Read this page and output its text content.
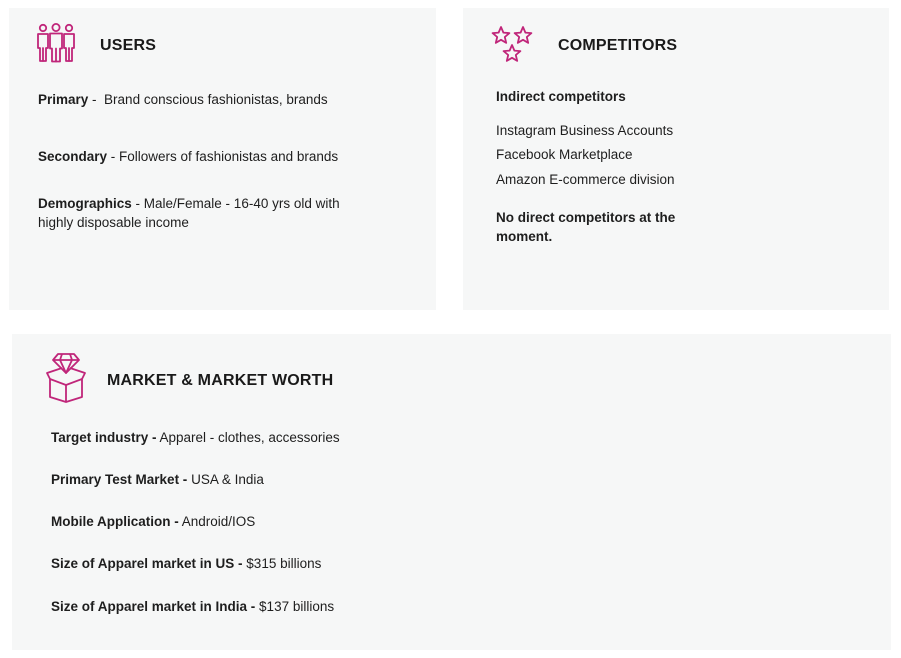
USERS
Primary -  Brand conscious fashionistas, brands
Secondary - Followers of fashionistas and brands
Demographics - Male/Female - 16-40 yrs old with highly disposable income
COMPETITORS
Indirect competitors
Instagram Business Accounts
Facebook Marketplace
Amazon E-commerce division
No direct competitors at the moment.
MARKET & MARKET WORTH
Target industry - Apparel - clothes, accessories
Primary Test Market - USA & India
Mobile Application - Android/IOS
Size of Apparel market in US - $315 billions
Size of Apparel market in India - $137 billions
